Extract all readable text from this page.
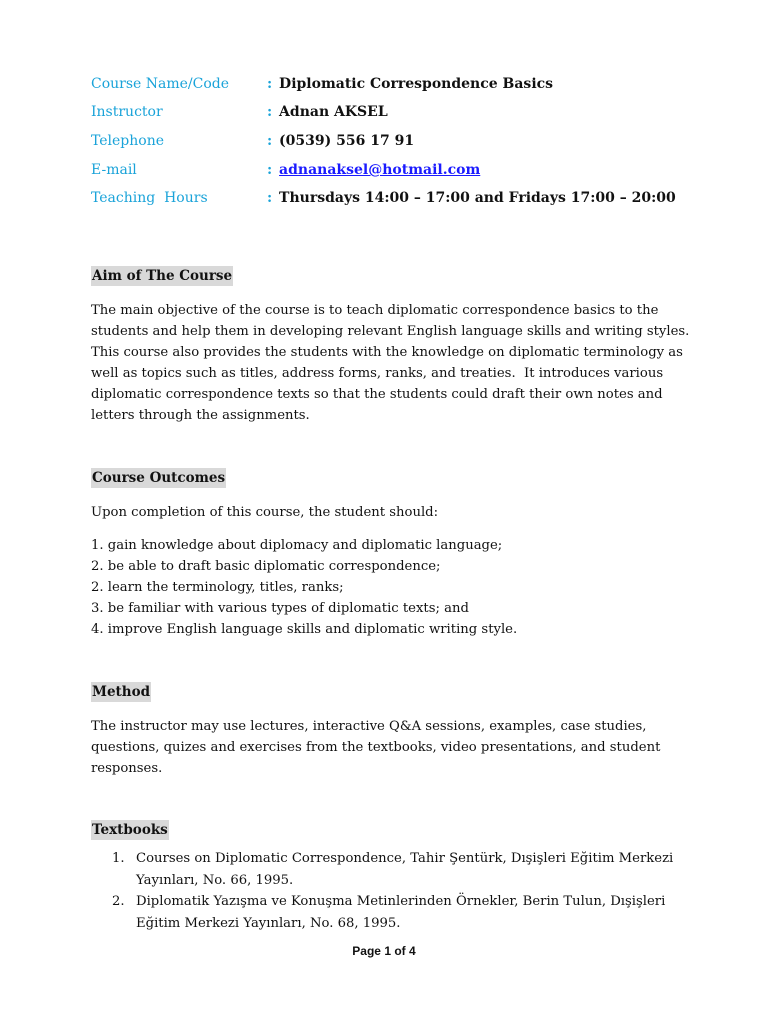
Course Name/Code	: Diplomatic Correspondence Basics
Instructor	: Adnan AKSEL
Telephone	: (0539) 556 17 91
E-mail	: adnanaksel@hotmail.com
Teaching  Hours	: Thursdays 14:00 – 17:00 and Fridays 17:00 – 20:00
Aim of The Course
The main objective of the course is to teach diplomatic correspondence basics to the
students and help them in developing relevant English language skills and writing styles.
This course also provides the students with the knowledge on diplomatic terminology as
well as topics such as titles, address forms, ranks, and treaties.  It introduces various
diplomatic correspondence texts so that the students could draft their own notes and
letters through the assignments.
Course Outcomes
Upon completion of this course, the student should:
1. gain knowledge about diplomacy and diplomatic language;
2. be able to draft basic diplomatic correspondence;
2. learn the terminology, titles, ranks;
3. be familiar with various types of diplomatic texts; and
4. improve English language skills and diplomatic writing style.
Method
The instructor may use lectures, interactive Q&A sessions, examples, case studies,
questions, quizes and exercises from the textbooks, video presentations, and student
responses.
Textbooks
1. Courses on Diplomatic Correspondence, Tahir Şentürk, Dışişleri Eğitim Merkezi
Yayınları, No. 66, 1995.
2. Diplomatik Yazışma ve Konuşma Metinlerinden Örnekler, Berin Tulun, Dışişleri
Eğitim Merkezi Yayınları, No. 68, 1995.
Page 1 of 4
